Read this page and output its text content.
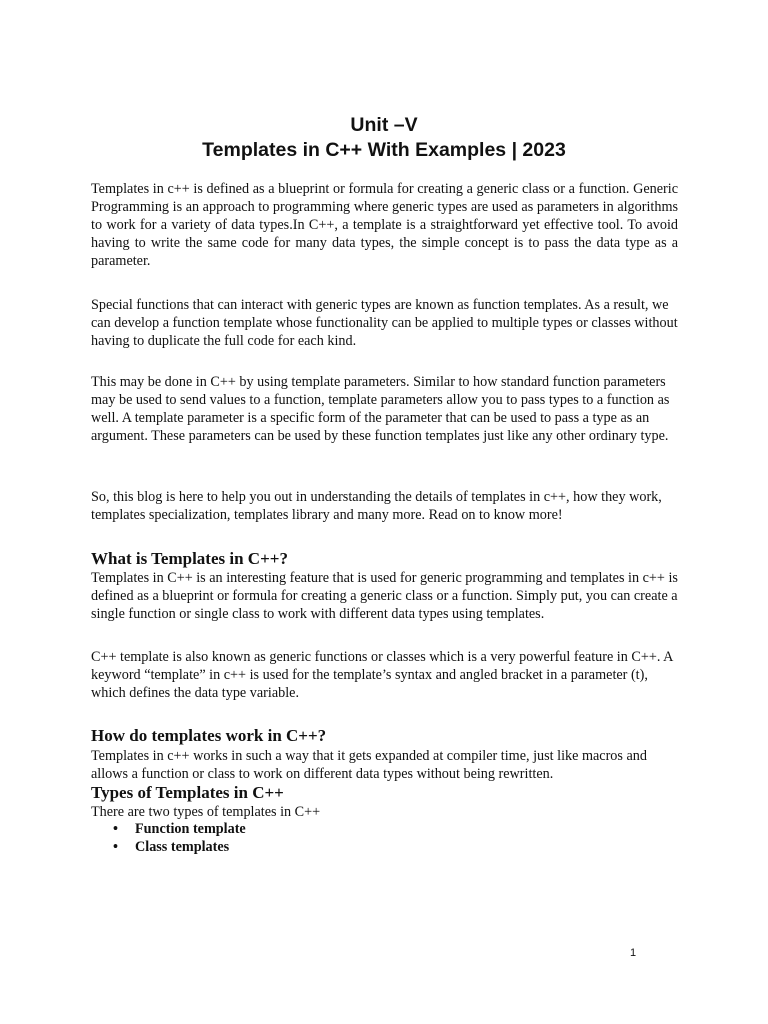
Unit –V
Templates in C++ With Examples | 2023

Templates in c++ is defined as a blueprint or formula for creating a generic class or a function. Generic Programming is an approach to programming where generic types are used as parameters in algorithms to work for a variety of data types.In C++, a template is a straightforward yet effective tool. To avoid having to write the same code for many data types, the simple concept is to pass the data type as a parameter.

Special functions that can interact with generic types are known as function templates. As a result, we can develop a function template whose functionality can be applied to multiple types or classes without having to duplicate the full code for each kind.

This may be done in C++ by using template parameters. Similar to how standard function parameters may be used to send values to a function, template parameters allow you to pass types to a function as well. A template parameter is a specific form of the parameter that can be used to pass a type as an argument. These parameters can be used by these function templates just like any other ordinary type.

So, this blog is here to help you out in understanding the details of templates in c++, how they work, templates specialization, templates library and many more. Read on to know more!

What is Templates in C++?

Templates in C++ is an interesting feature that is used for generic programming and templates in c++ is defined as a blueprint or formula for creating a generic class or a function. Simply put, you can create a single function or single class to work with different data types using templates.

C++ template is also known as generic functions or classes which is a very powerful feature in C++. A keyword “template” in c++ is used for the template’s syntax and angled bracket in a parameter (t), which defines the data type variable.

How do templates work in C++?

Templates in c++ works in such a way that it gets expanded at compiler time, just like macros and allows a function or class to work on different data types without being rewritten.

Types of Templates in C++

There are two types of templates in C++

• Function template
• Class templates
1
